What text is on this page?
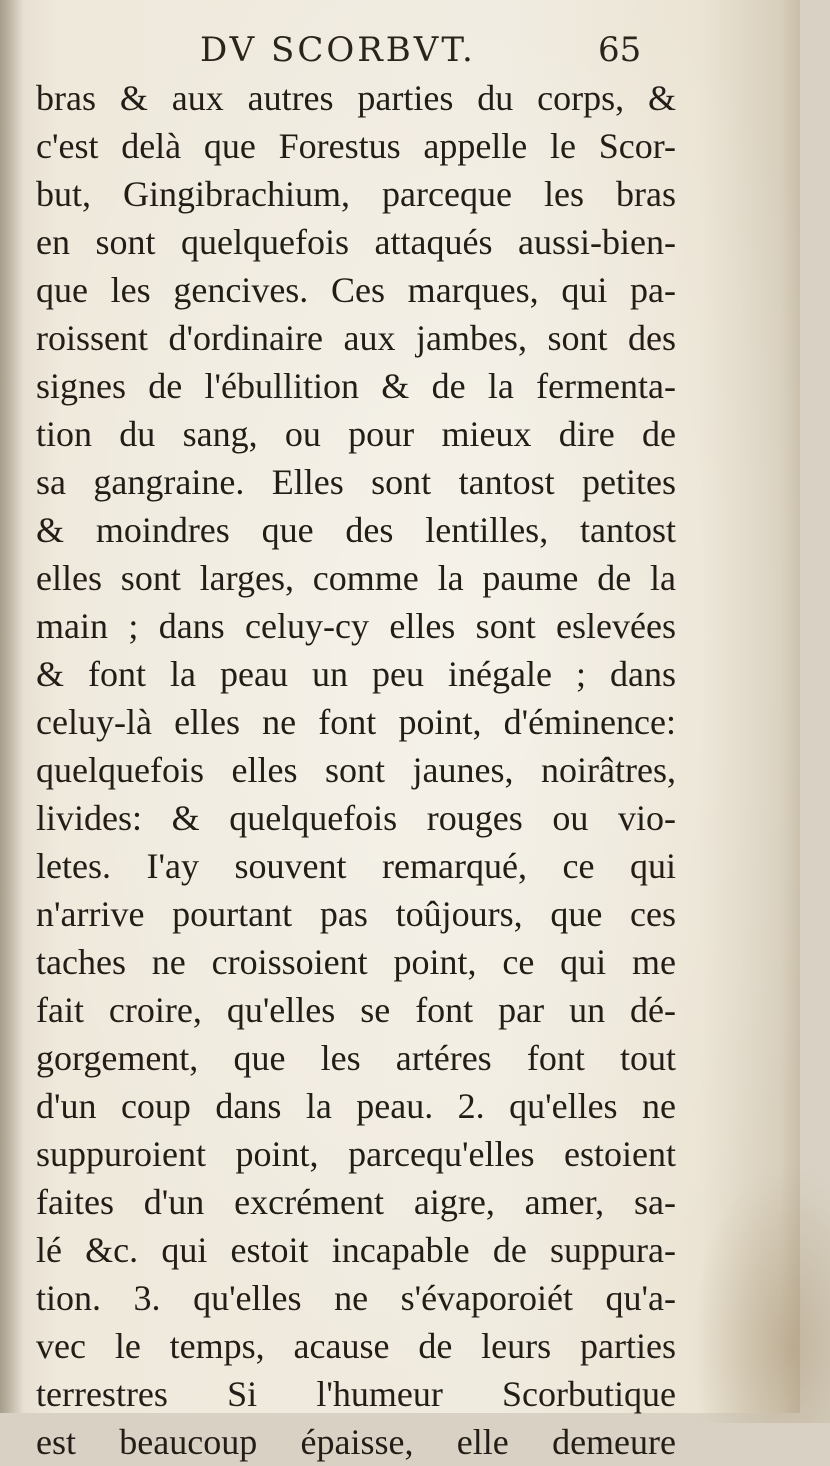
DV SCORBVT.	65
bras & aux autres parties du corps, &
c'est delà que Forestus appelle le Scor-
but, Gingibrachium, parceque les bras
en sont quelquefois attaqués aussi-bien-
que les gencives. Ces marques, qui pa-
roissent d'ordinaire aux jambes, sont des
signes de l'ébullition & de la fermenta-
tion du sang, ou pour mieux dire de
sa gangraine. Elles sont tantost petites
& moindres que des lentilles, tantost
elles sont larges, comme la paume de la
main ; dans celuy-cy elles sont eslevées
& font la peau un peu inégale ; dans
celuy-là elles ne font point, d'éminence:
quelquefois elles sont jaunes, noirâtres,
livides: & quelquefois rouges ou vio-
letes. I'ay souvent remarqué, ce qui
n'arrive pourtant pas toûjours, que ces
taches ne croissoient point, ce qui me
fait croire, qu'elles se font par un dé-
gorgement, que les artéres font tout
d'un coup dans la peau. 2. qu'elles ne
suppuroient point, parcequ'elles estoient
faites d'un excrément aigre, amer, sa-
lé &c. qui estoit incapable de suppura-
tion. 3. qu'elles ne s'évaporoiét qu'a-
vec le temps, acause de leurs parties
terrestres Si l'humeur Scorbutique
est beaucoup épaisse, elle demeure
